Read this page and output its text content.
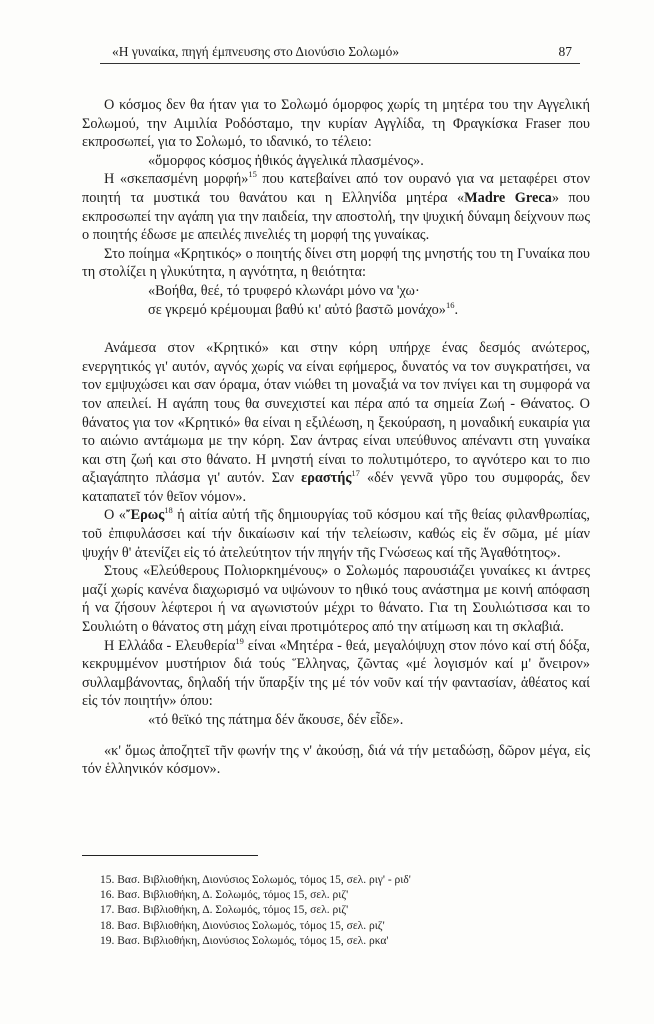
«Η γυναίκα, πηγή έμπνευσης στο Διονύσιο Σολωμό»	87

Ο κόσμος δεν θα ήταν για το Σολωμό όμορφος χωρίς τη μητέρα του την Αγγελική Σολωμού, την Αιμιλία Ροδόσταμο, την κυρίαν Αγγλίδα, τη Φραγκίσκα Fraser που εκπροσωπεί, για το Σολωμό, το ιδανικό, το τέλειο:

«ὅμορφος κόσμος ἠθικός ἀγγελικά πλασμένος».

Η «σκεπασμένη μορφή»$^{15}$ που κατεβαίνει από τον ουρανό για να μεταφέρει στον ποιητή τα μυστικά του θανάτου και η Ελληνίδα μητέρα «Madre Greca» που εκπροσωπεί την αγάπη για την παιδεία, την αποστολή, την ψυχική δύναμη δείχνουν πως ο ποιητής έδωσε με απειλές πινελιές τη μορφή της γυναίκας.

Στο ποίημα «Κρητικός» ο ποιητής δίνει στη μορφή της μνηστής του τη Γυναίκα που τη στολίζει η γλυκύτητα, η αγνότητα, η θειότητα:

«Βοήθα, θεέ, τό τρυφερό κλωνάρι μόνο να 'χω·

σε γκρεμό κρέμουμαι βαθύ κι' αὐτό βαστῶ μονάχο»$^{16}$.

Ανάμεσα στον «Κρητικό» και στην κόρη υπήρχε ένας δεσμός ανώτερος, ενεργητικός γι' αυτόν, αγνός χωρίς να είναι εφήμερος, δυνατός να τον συγκρατήσει, να τον εμψυχώσει και σαν όραμα, όταν νιώθει τη μοναξιά να τον πνίγει και τη συμφορά να τον απειλεί. Η αγάπη τους θα συνεχιστεί και πέρα από τα σημεία Ζωή - Θάνατος. Ο θάνατος για τον «Κρητικό» θα είναι η εξιλέωση, η ξεκούραση, η μοναδική ευκαιρία για το αιώνιο αντάμωμα με την κόρη. Σαν άντρας είναι υπεύθυνος απέναντι στη γυναίκα και στη ζωή και στο θάνατο. Η μνηστή είναι το πολυτιμότερο, το αγνότερο και το πιο αξιαγάπητο πλάσμα γι' αυτόν. Σαν εραστής$^{17}$ «δέν γεννᾶ γῦρο του συμφοράς, δεν καταπατεῖ τόν θεῖον νόμον».

Ο «Ἔρως$^{18}$ ἡ αἰτία αὐτή τῆς δημιουργίας τοῦ κόσμου καί τῆς θείας φιλανθρωπίας, τοῦ ἐπιφυλάσσει καί τήν δικαίωσιν καί τήν τελείωσιν, καθώς εἰς ἕν σῶμα, μέ μίαν ψυχήν θ' ἀτενίζει εἰς τό ἀτελεύτητον τήν πηγήν τῆς Γνώσεως καί τῆς Ἀγαθότητος».

Στους «Ελεύθερους Πολιορκημένους» ο Σολωμός παρουσιάζει γυναίκες κι άντρες μαζί χωρίς κανένα διαχωρισμό να υψώνουν το ηθικό τους ανάστημα με κοινή απόφαση ή να ζήσουν λέφτεροι ή να αγωνιστούν μέχρι το θάνατο. Για τη Σουλιώτισσα και το Σουλιώτη ο θάνατος στη μάχη είναι προτιμότερος από την ατίμωση και τη σκλαβιά.

Η Ελλάδα - Ελευθερία$^{19}$ είναι «Μητέρα - θεά, μεγαλόψυχη στον πόνο καί στή δόξα, κεκρυμμένον μυστήριον διά τούς Ἕλληνας, ζῶντας «μέ λογισμόν καί μ' ὄνειρον» συλλαμβάνοντας, δηλαδή τήν ὕπαρξίν της μέ τόν νοῦν καί τήν φαντασίαν, ἀθέατος καί εἰς τόν ποιητήν» όπου:

«τό θεϊκό της πάτημα δέν ἄκουσε, δέν εἶδε».

«κ' ὅμως ἀποζητεῖ τῆν φωνήν της ν' ἀκούσῃ, διά νά τήν μεταδώσῃ, δῶρον μέγα, εἰς τόν ἑλληνικόν κόσμον».

15. Βασ. Βιβλιοθήκη, Διονύσιος Σολωμός, τόμος 15, σελ. ριγ' - ριδ'
16. Βασ. Βιβλιοθήκη, Δ. Σολωμός, τόμος 15, σελ. ριζ'
17. Βασ. Βιβλιοθήκη, Δ. Σολωμός, τόμος 15, σελ. ριζ'
18. Βασ. Βιβλιοθήκη, Διονύσιος Σολωμός, τόμος 15, σελ. ριζ'
19. Βασ. Βιβλιοθήκη, Διονύσιος Σολωμός, τόμος 15, σελ. ρκα'
